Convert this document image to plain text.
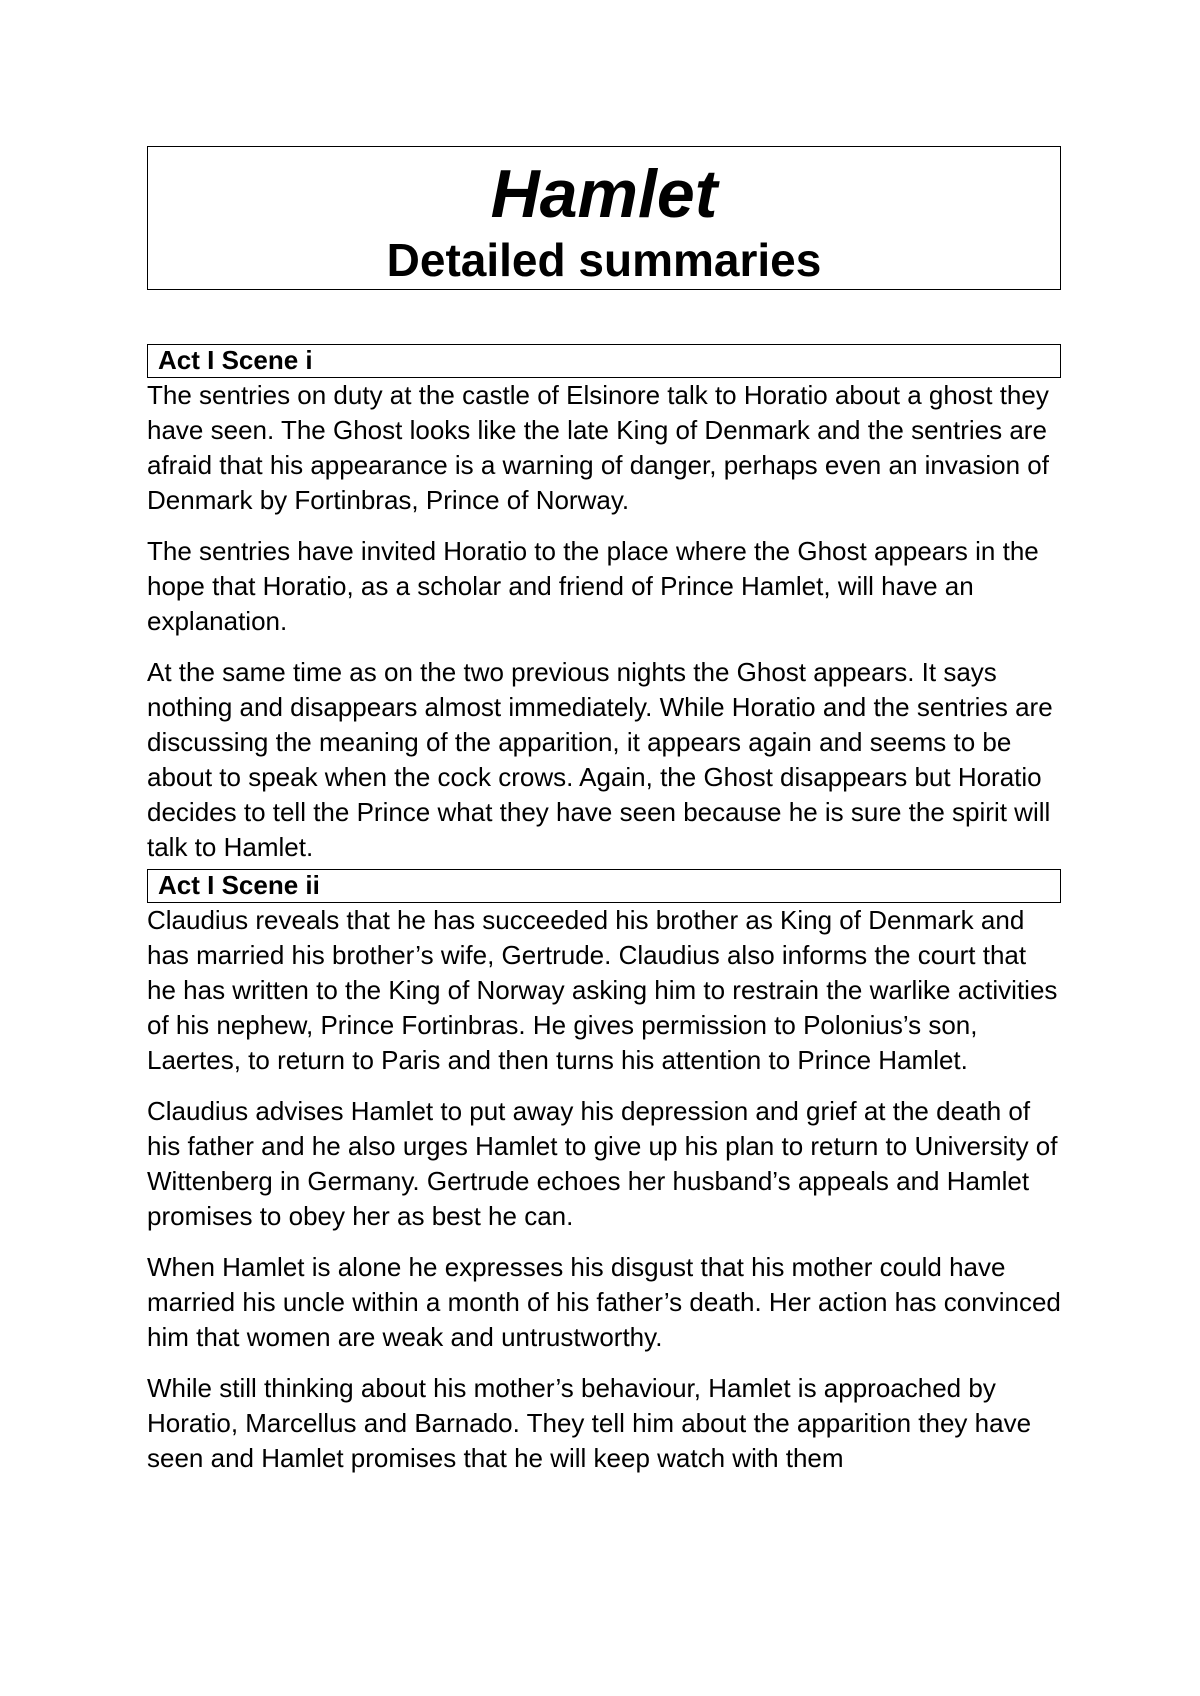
Hamlet
Detailed summaries
Act I Scene i

The sentries on duty at the castle of Elsinore talk to Horatio about a ghost they have seen. The Ghost looks like the late King of Denmark and the sentries are afraid that his appearance is a warning of danger, perhaps even an invasion of Denmark by Fortinbras, Prince of Norway.

The sentries have invited Horatio to the place where the Ghost appears in the hope that Horatio, as a scholar and friend of Prince Hamlet, will have an explanation.

At the same time as on the two previous nights the Ghost appears. It says nothing and disappears almost immediately. While Horatio and the sentries are discussing the meaning of the apparition, it appears again and seems to be about to speak when the cock crows. Again, the Ghost disappears but Horatio decides to tell the Prince what they have seen because he is sure the spirit will talk to Hamlet.

Act I Scene ii

Claudius reveals that he has succeeded his brother as King of Denmark and has married his brother’s wife, Gertrude. Claudius also informs the court that he has written to the King of Norway asking him to restrain the warlike activities of his nephew, Prince Fortinbras. He gives permission to Polonius’s son, Laertes, to return to Paris and then turns his attention to Prince Hamlet.

Claudius advises Hamlet to put away his depression and grief at the death of his father and he also urges Hamlet to give up his plan to return to University of Wittenberg in Germany. Gertrude echoes her husband’s appeals and Hamlet promises to obey her as best he can.

When Hamlet is alone he expresses his disgust that his mother could have married his uncle within a month of his father’s death. Her action has convinced him that women are weak and untrustworthy.

While still thinking about his mother’s behaviour, Hamlet is approached by Horatio, Marcellus and Barnado. They tell him about the apparition they have seen and Hamlet promises that he will keep watch with them
